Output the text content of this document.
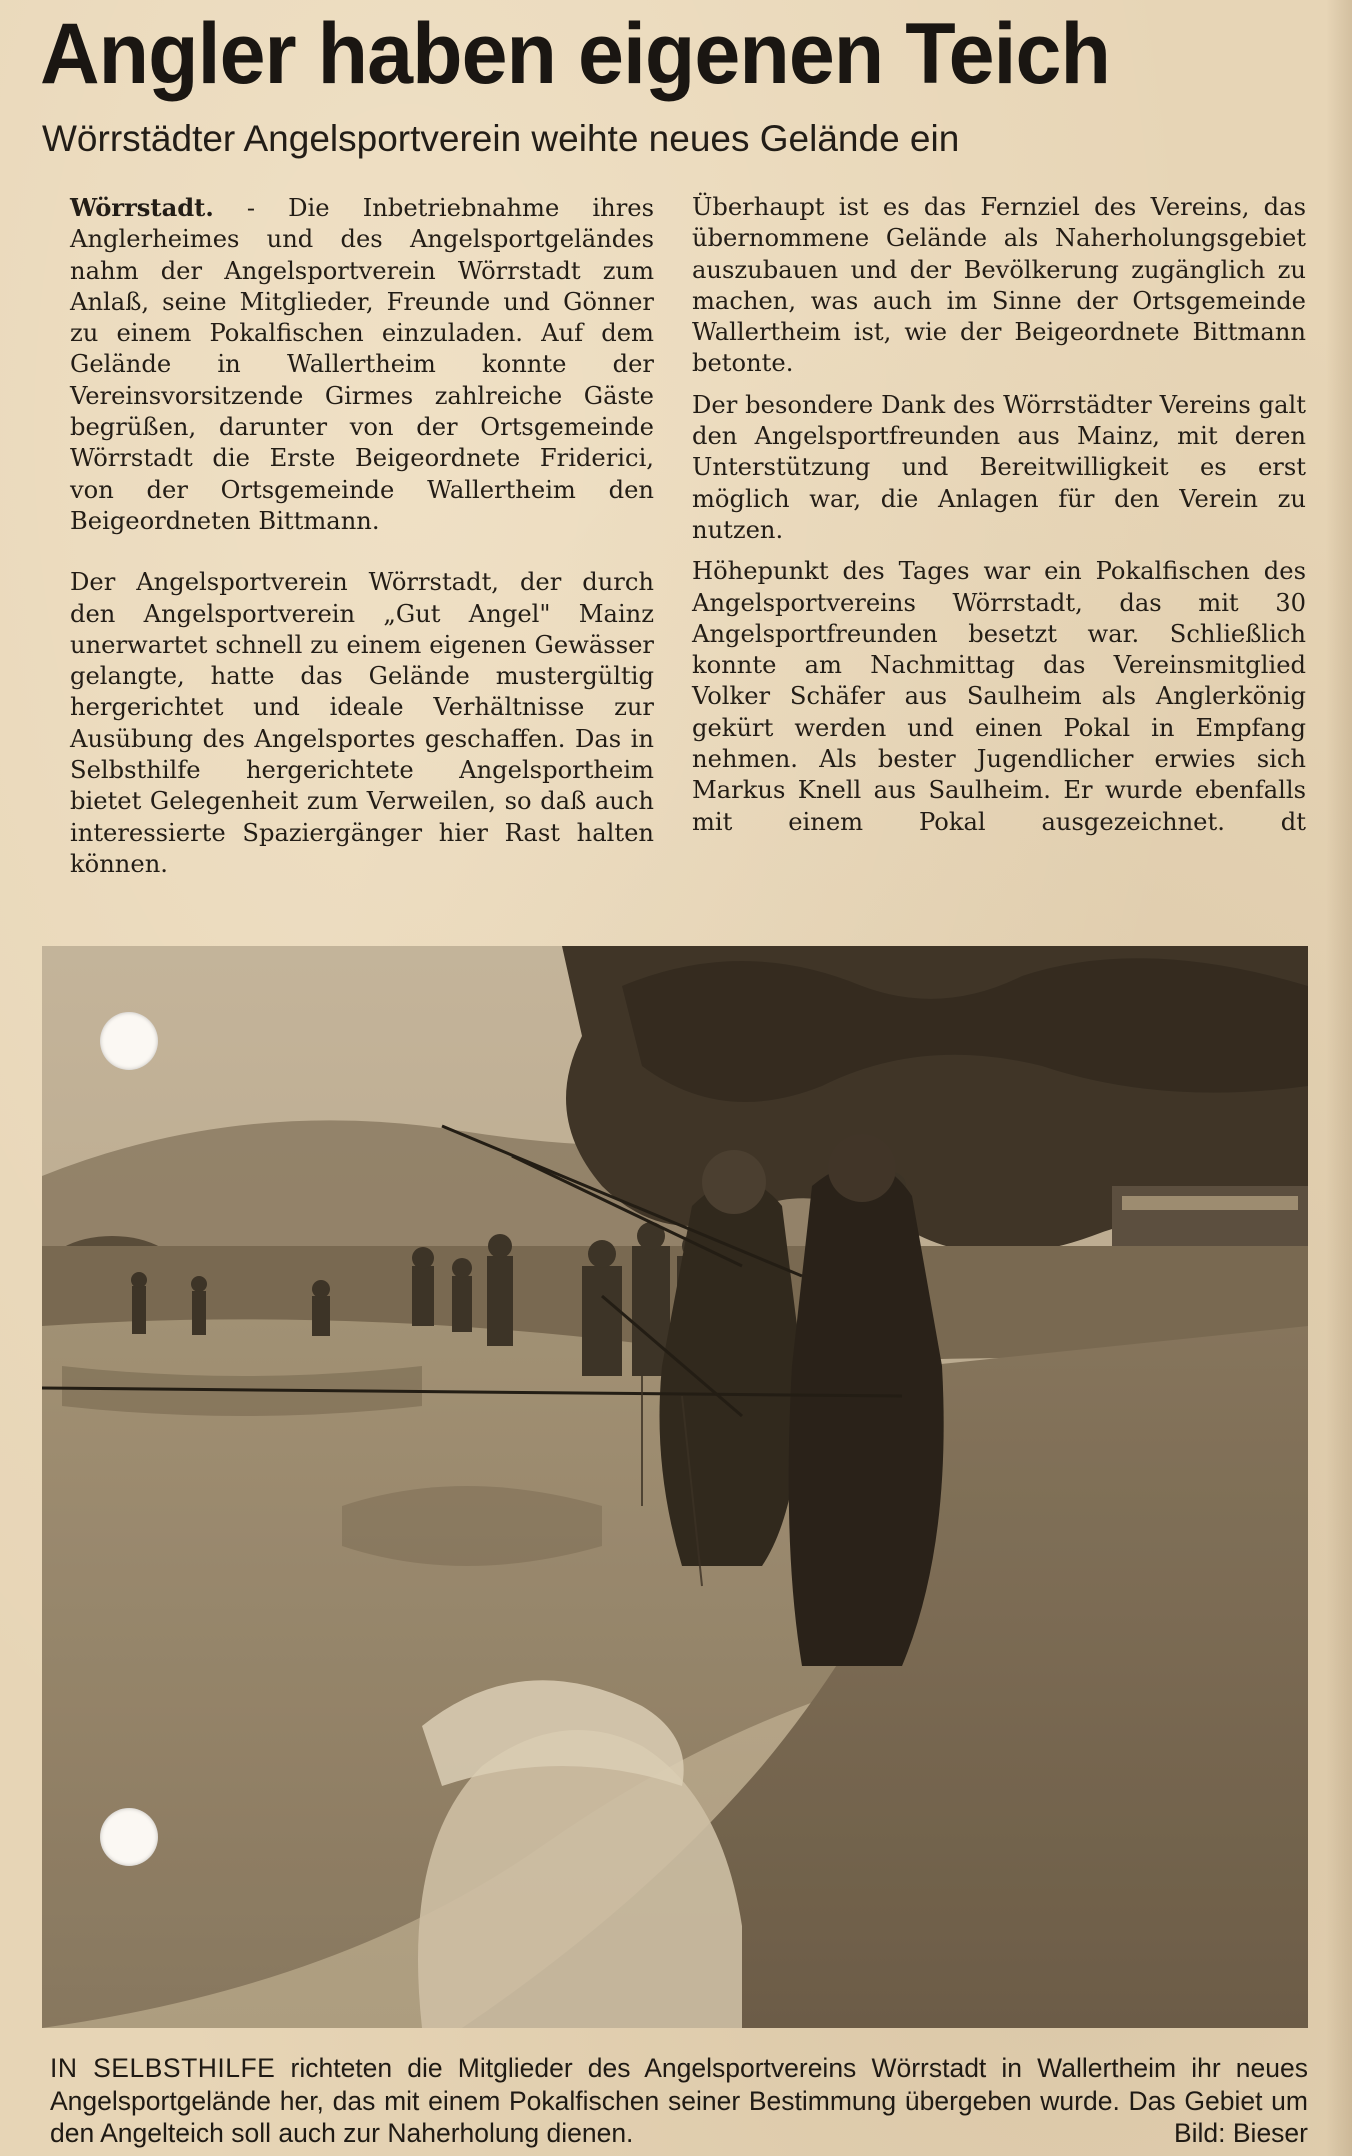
Angler haben eigenen Teich
Wörrstädter Angelsportverein weihte neues Gelände ein

Wörrstadt. - Die Inbetriebnahme ihres Anglerheimes und des Angelsportgeländes nahm der Angelsportverein Wörrstadt zum Anlaß, seine Mitglieder, Freunde und Gönner zu einem Pokalfischen einzuladen. Auf dem Gelände in Wallertheim konnte der Vereinsvorsitzende Girmes zahlreiche Gäste begrüßen, darunter von der Ortsgemeinde Wörrstadt die Erste Beigeordnete Friderici, von der Ortsgemeinde Wallertheim den Beigeordneten Bittmann.

Der Angelsportverein Wörrstadt, der durch den Angelsportverein „Gut Angel" Mainz unerwartet schnell zu einem eigenen Gewässer gelangte, hatte das Gelände mustergültig hergerichtet und ideale Verhältnisse zur Ausübung des Angelsportes geschaffen. Das in Selbsthilfe hergerichtete Angelsportheim bietet Gelegenheit zum Verweilen, so daß auch interessierte Spaziergänger hier Rast halten können.

Überhaupt ist es das Fernziel des Vereins, das übernommene Gelände als Naherholungsgebiet auszubauen und der Bevölkerung zugänglich zu machen, was auch im Sinne der Ortsgemeinde Wallertheim ist, wie der Beigeordnete Bittmann betonte.

Der besondere Dank des Wörrstädter Vereins galt den Angelsportfreunden aus Mainz, mit deren Unterstützung und Bereitwilligkeit es erst möglich war, die Anlagen für den Verein zu nutzen.

Höhepunkt des Tages war ein Pokalfischen des Angelsportvereins Wörrstadt, das mit 30 Angelsportfreunden besetzt war. Schließlich konnte am Nachmittag das Vereinsmitglied Volker Schäfer aus Saulheim als Anglerkönig gekürt werden und einen Pokal in Empfang nehmen. Als bester Jugendlicher erwies sich Markus Knell aus Saulheim. Er wurde ebenfalls mit einem Pokal ausgezeichnet. dt

IN SELBSTHILFE richteten die Mitglieder des Angelsportvereins Wörrstadt in Wallertheim ihr neues Angelsportgelände her, das mit einem Pokalfischen seiner Bestimmung übergeben wurde. Das Gebiet um den Angelteich soll auch zur Naherholung dienen.	Bild: Bieser
